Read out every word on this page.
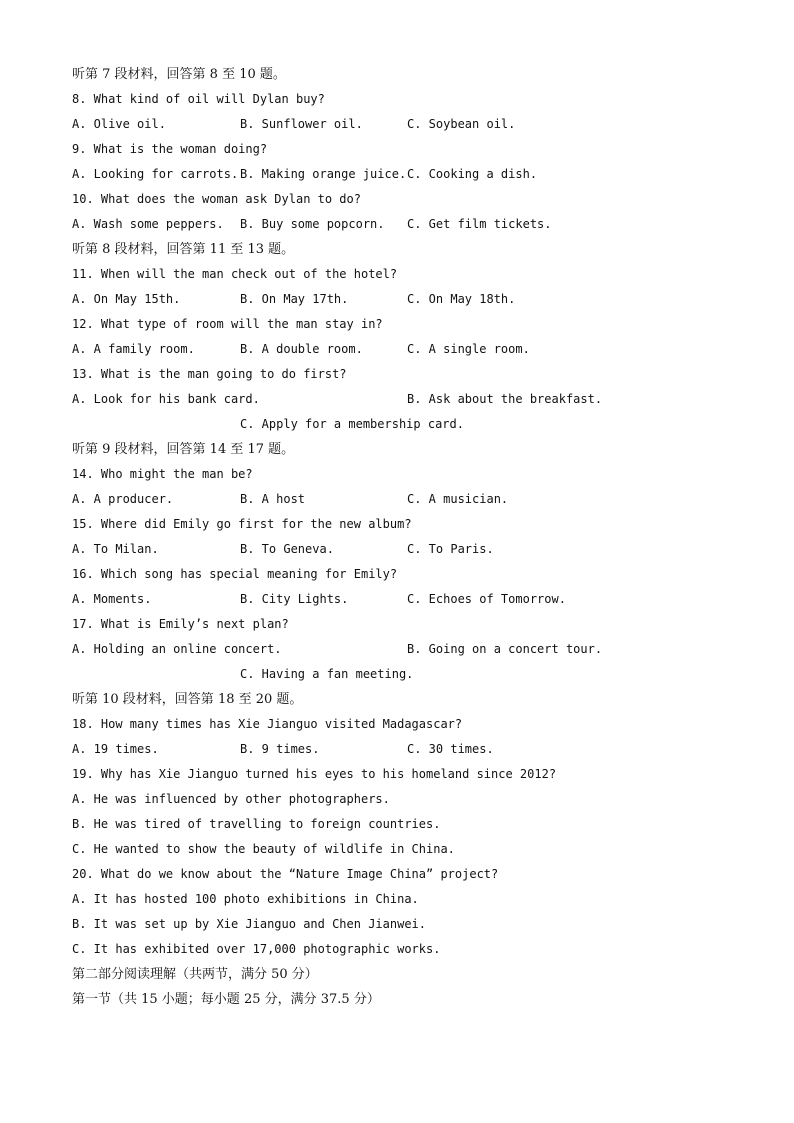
听第 7 段材料，回答第 8 至 10 题。
8. What kind of oil will Dylan buy?

A. Olive oil.

	B. Sunflower oil.

	C. Soybean oil.

9. What is the woman doing?

A. Looking for carrots.

B. Making orange juice.

C. Cooking a dish.

10. What does the woman ask Dylan to do?

A. Wash some peppers.

B. Buy some popcorn.

C. Get film tickets.

听第 8 段材料，回答第 11 至 13 题。
11. When will the man check out of the hotel?

A. On May 15th.

	B. On May 17th.

	C. On May 18th.

12. What type of room will the man stay in?

A. A family room.

	B. A double room.

	C. A single room.

13. What is the man going to do first?

A. Look for his bank card.

	B. Ask about the breakfast.

C. Apply for a membership card.

听第 9 段材料，回答第 14 至 17 题。
14. Who might the man be?

A. A producer.

	B. A host

	C. A musician.

15. Where did Emily go first for the new album?

A. To Milan.

	B. To Geneva.

	C. To Paris.

16. Which song has special meaning for Emily?

A. Moments.

	B. City Lights.

	C. Echoes of Tomorrow.

17. What is Emily’s next plan?

A. Holding an online concert.

	B. Going on a concert tour.

C. Having a fan meeting.

听第 10 段材料，回答第 18 至 20 题。
18. How many times has Xie Jianguo visited Madagascar?

A. 19 times.

	B. 9 times.

	C. 30 times.

19. Why has Xie Jianguo turned his eyes to his homeland since 2012?
A. He was influenced by other photographers.
B. He was tired of travelling to foreign countries.
C. He wanted to show the beauty of wildlife in China.
20. What do we know about the “Nature Image China” project?
A. It has hosted 100 photo exhibitions in China.
B. It was set up by Xie Jianguo and Chen Jianwei.
C. It has exhibited over 17,000 photographic works.
第二部分阅读理解（共两节，满分 50 分）
第一节（共 15 小题；每小题 25 分，满分 37.5 分）
